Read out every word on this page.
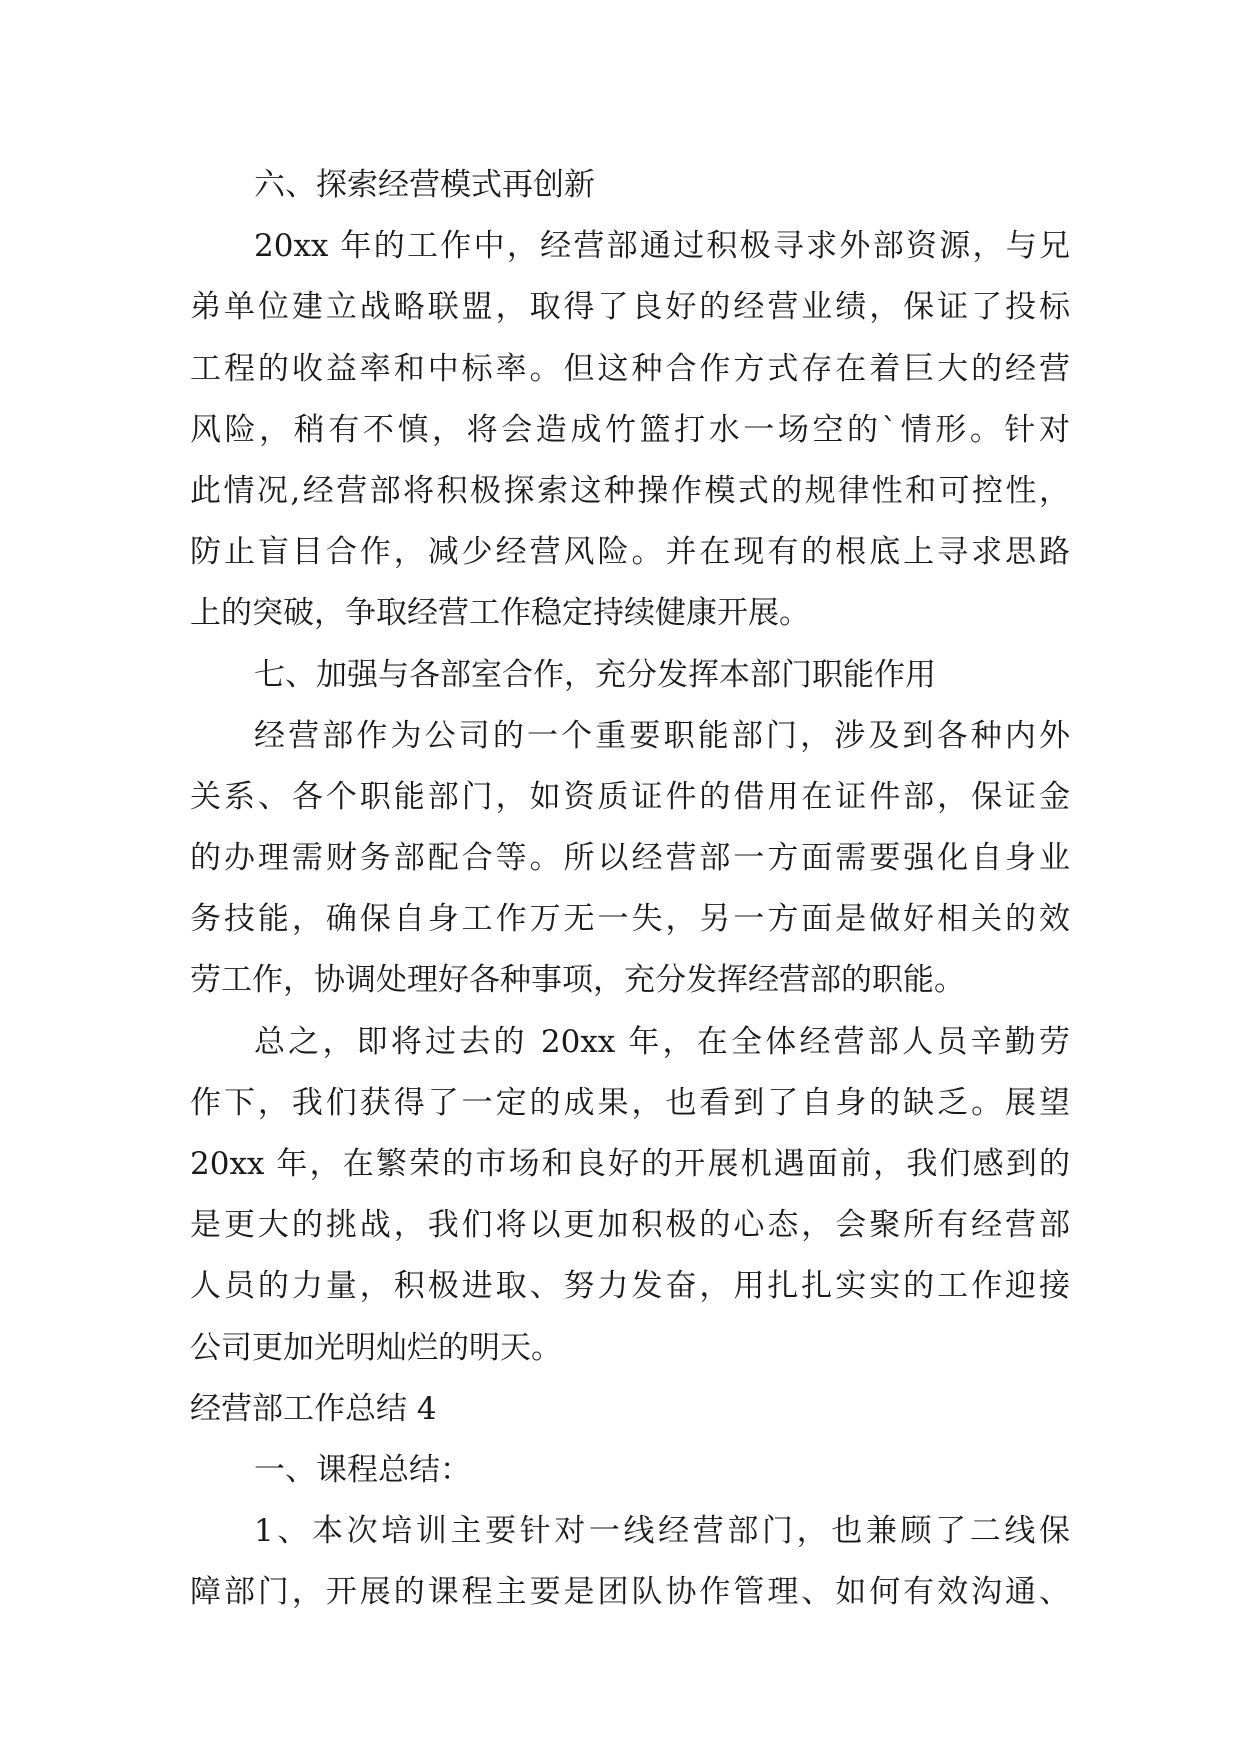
六、探索经营模式再创新
20xx 年的工作中，经营部通过积极寻求外部资源，与兄
弟单位建立战略联盟，取得了良好的经营业绩，保证了投标
工程的收益率和中标率。但这种合作方式存在着巨大的经营
风险，稍有不慎，将会造成竹篮打水一场空的`情形。针对
此情况,经营部将积极探索这种操作模式的规律性和可控性，
防止盲目合作，减少经营风险。并在现有的根底上寻求思路
上的突破，争取经营工作稳定持续健康开展。
七、加强与各部室合作，充分发挥本部门职能作用
经营部作为公司的一个重要职能部门，涉及到各种内外
关系、各个职能部门，如资质证件的借用在证件部，保证金
的办理需财务部配合等。所以经营部一方面需要强化自身业
务技能，确保自身工作万无一失，另一方面是做好相关的效
劳工作，协调处理好各种事项，充分发挥经营部的职能。
总之，即将过去的 20xx 年，在全体经营部人员辛勤劳
作下，我们获得了一定的成果，也看到了自身的缺乏。展望
20xx 年，在繁荣的市场和良好的开展机遇面前，我们感到的
是更大的挑战，我们将以更加积极的心态，会聚所有经营部
人员的力量，积极进取、努力发奋，用扎扎实实的工作迎接
公司更加光明灿烂的明天。
经营部工作总结 4
一、课程总结：
1、本次培训主要针对一线经营部门，也兼顾了二线保
障部门，开展的课程主要是团队协作管理、如何有效沟通、
